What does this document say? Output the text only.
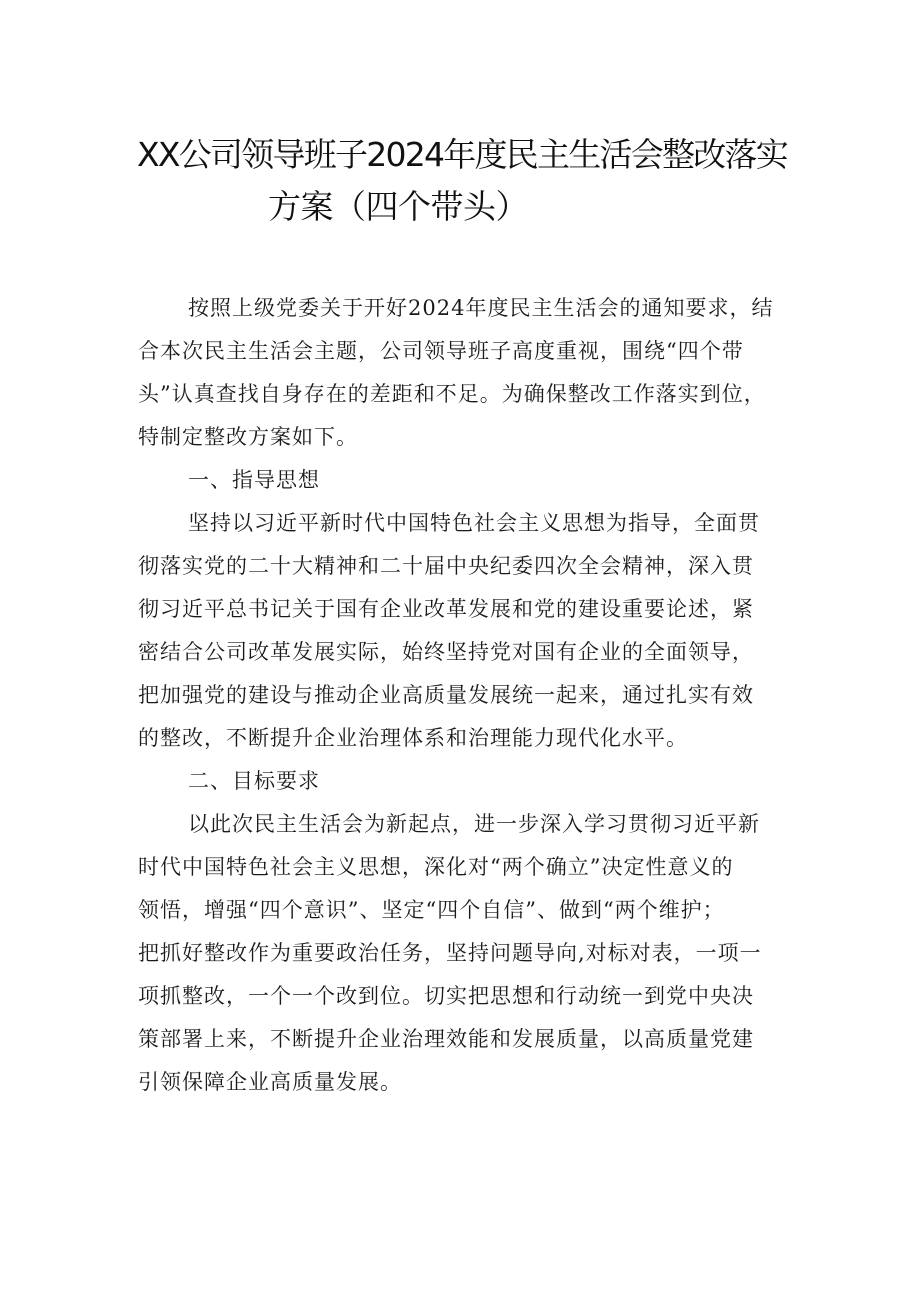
XX公司领导班子2024年度民主生活会整改落实
方案（四个带头）
按照上级党委关于开好2024年度民主生活会的通知要求，结
合本次民主生活会主题，公司领导班子高度重视，围绕“四个带
头”认真查找自身存在的差距和不足。为确保整改工作落实到位，
特制定整改方案如下。
一、指导思想
坚持以习近平新时代中国特色社会主义思想为指导，全面贯
彻落实党的二十大精神和二十届中央纪委四次全会精神，深入贯
彻习近平总书记关于国有企业改革发展和党的建设重要论述，紧
密结合公司改革发展实际，始终坚持党对国有企业的全面领导，
把加强党的建设与推动企业高质量发展统一起来，通过扎实有效
的整改，不断提升企业治理体系和治理能力现代化水平。
二、目标要求
以此次民主生活会为新起点，进一步深入学习贯彻习近平新
时代中国特色社会主义思想，深化对“两个确立”决定性意义的
领悟，增强“四个意识”、坚定“四个自信”、做到“两个维护；
把抓好整改作为重要政治任务，坚持问题导向,对标对表，一项一
项抓整改，一个一个改到位。切实把思想和行动统一到党中央决
策部署上来，不断提升企业治理效能和发展质量，以高质量党建
引领保障企业高质量发展。
